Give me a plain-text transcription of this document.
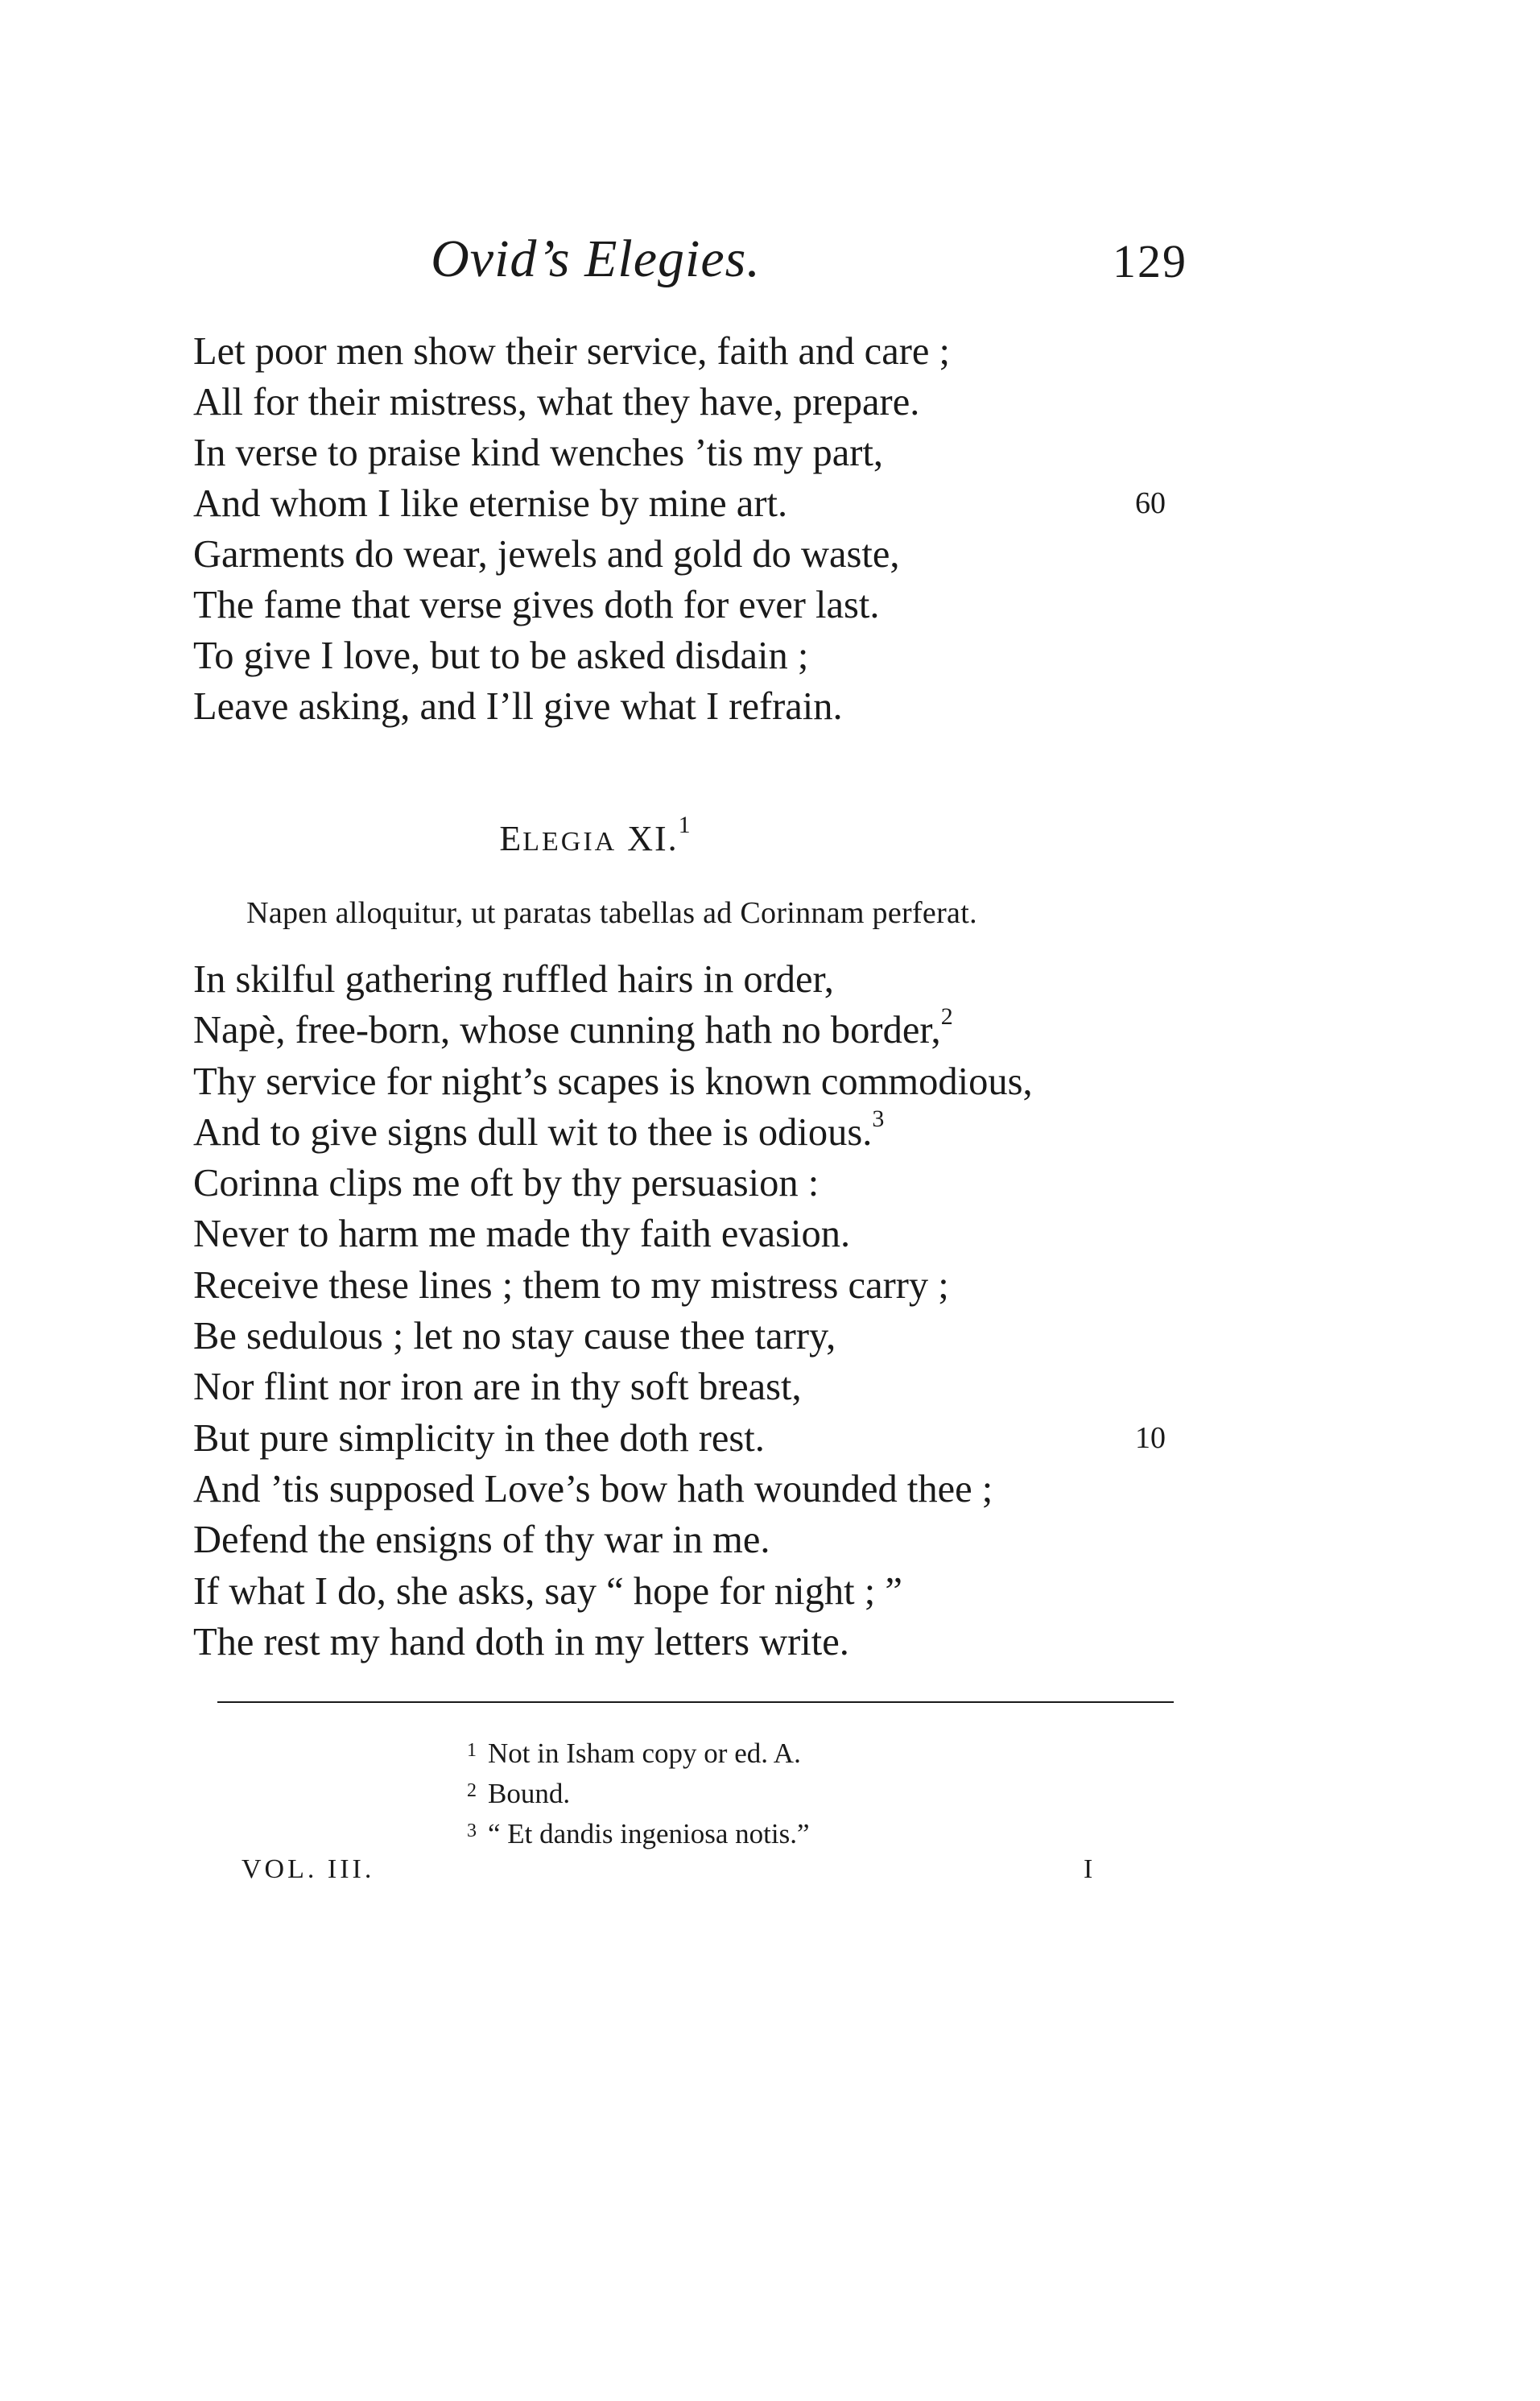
Ovid’s Elegies.	129
Let poor men show their service, faith and care ;
All for their mistress, what they have, prepare.
In verse to praise kind wenches ’tis my part,
And whom I like eternise by mine art.	60
Garments do wear, jewels and gold do waste,
The fame that verse gives doth for ever last.
To give I love, but to be asked disdain ;
Leave asking, and I’ll give what I refrain.
ELEGIA XI.$^1$
Napen alloquitur, ut paratas tabellas ad Corinnam perferat.
In skilful gathering ruffled hairs in order,
Napè, free-born, whose cunning hath no border,$^2$
Thy service for night’s scapes is known commodious,
And to give signs dull wit to thee is odious.$^3$
Corinna clips me oft by thy persuasion :
Never to harm me made thy faith evasion.
Receive these lines ; them to my mistress carry ;
Be sedulous ; let no stay cause thee tarry,
Nor flint nor iron are in thy soft breast,
But pure simplicity in thee doth rest.	10
And ’tis supposed Love’s bow hath wounded thee ;
Defend the ensigns of thy war in me.
If what I do, she asks, say “ hope for night ; ”
The rest my hand doth in my letters write.
$^1$ Not in Isham copy or ed. A.
$^2$ Bound.
$^3$ “ Et dandis ingeniosa notis.”
VOL. III.	I
